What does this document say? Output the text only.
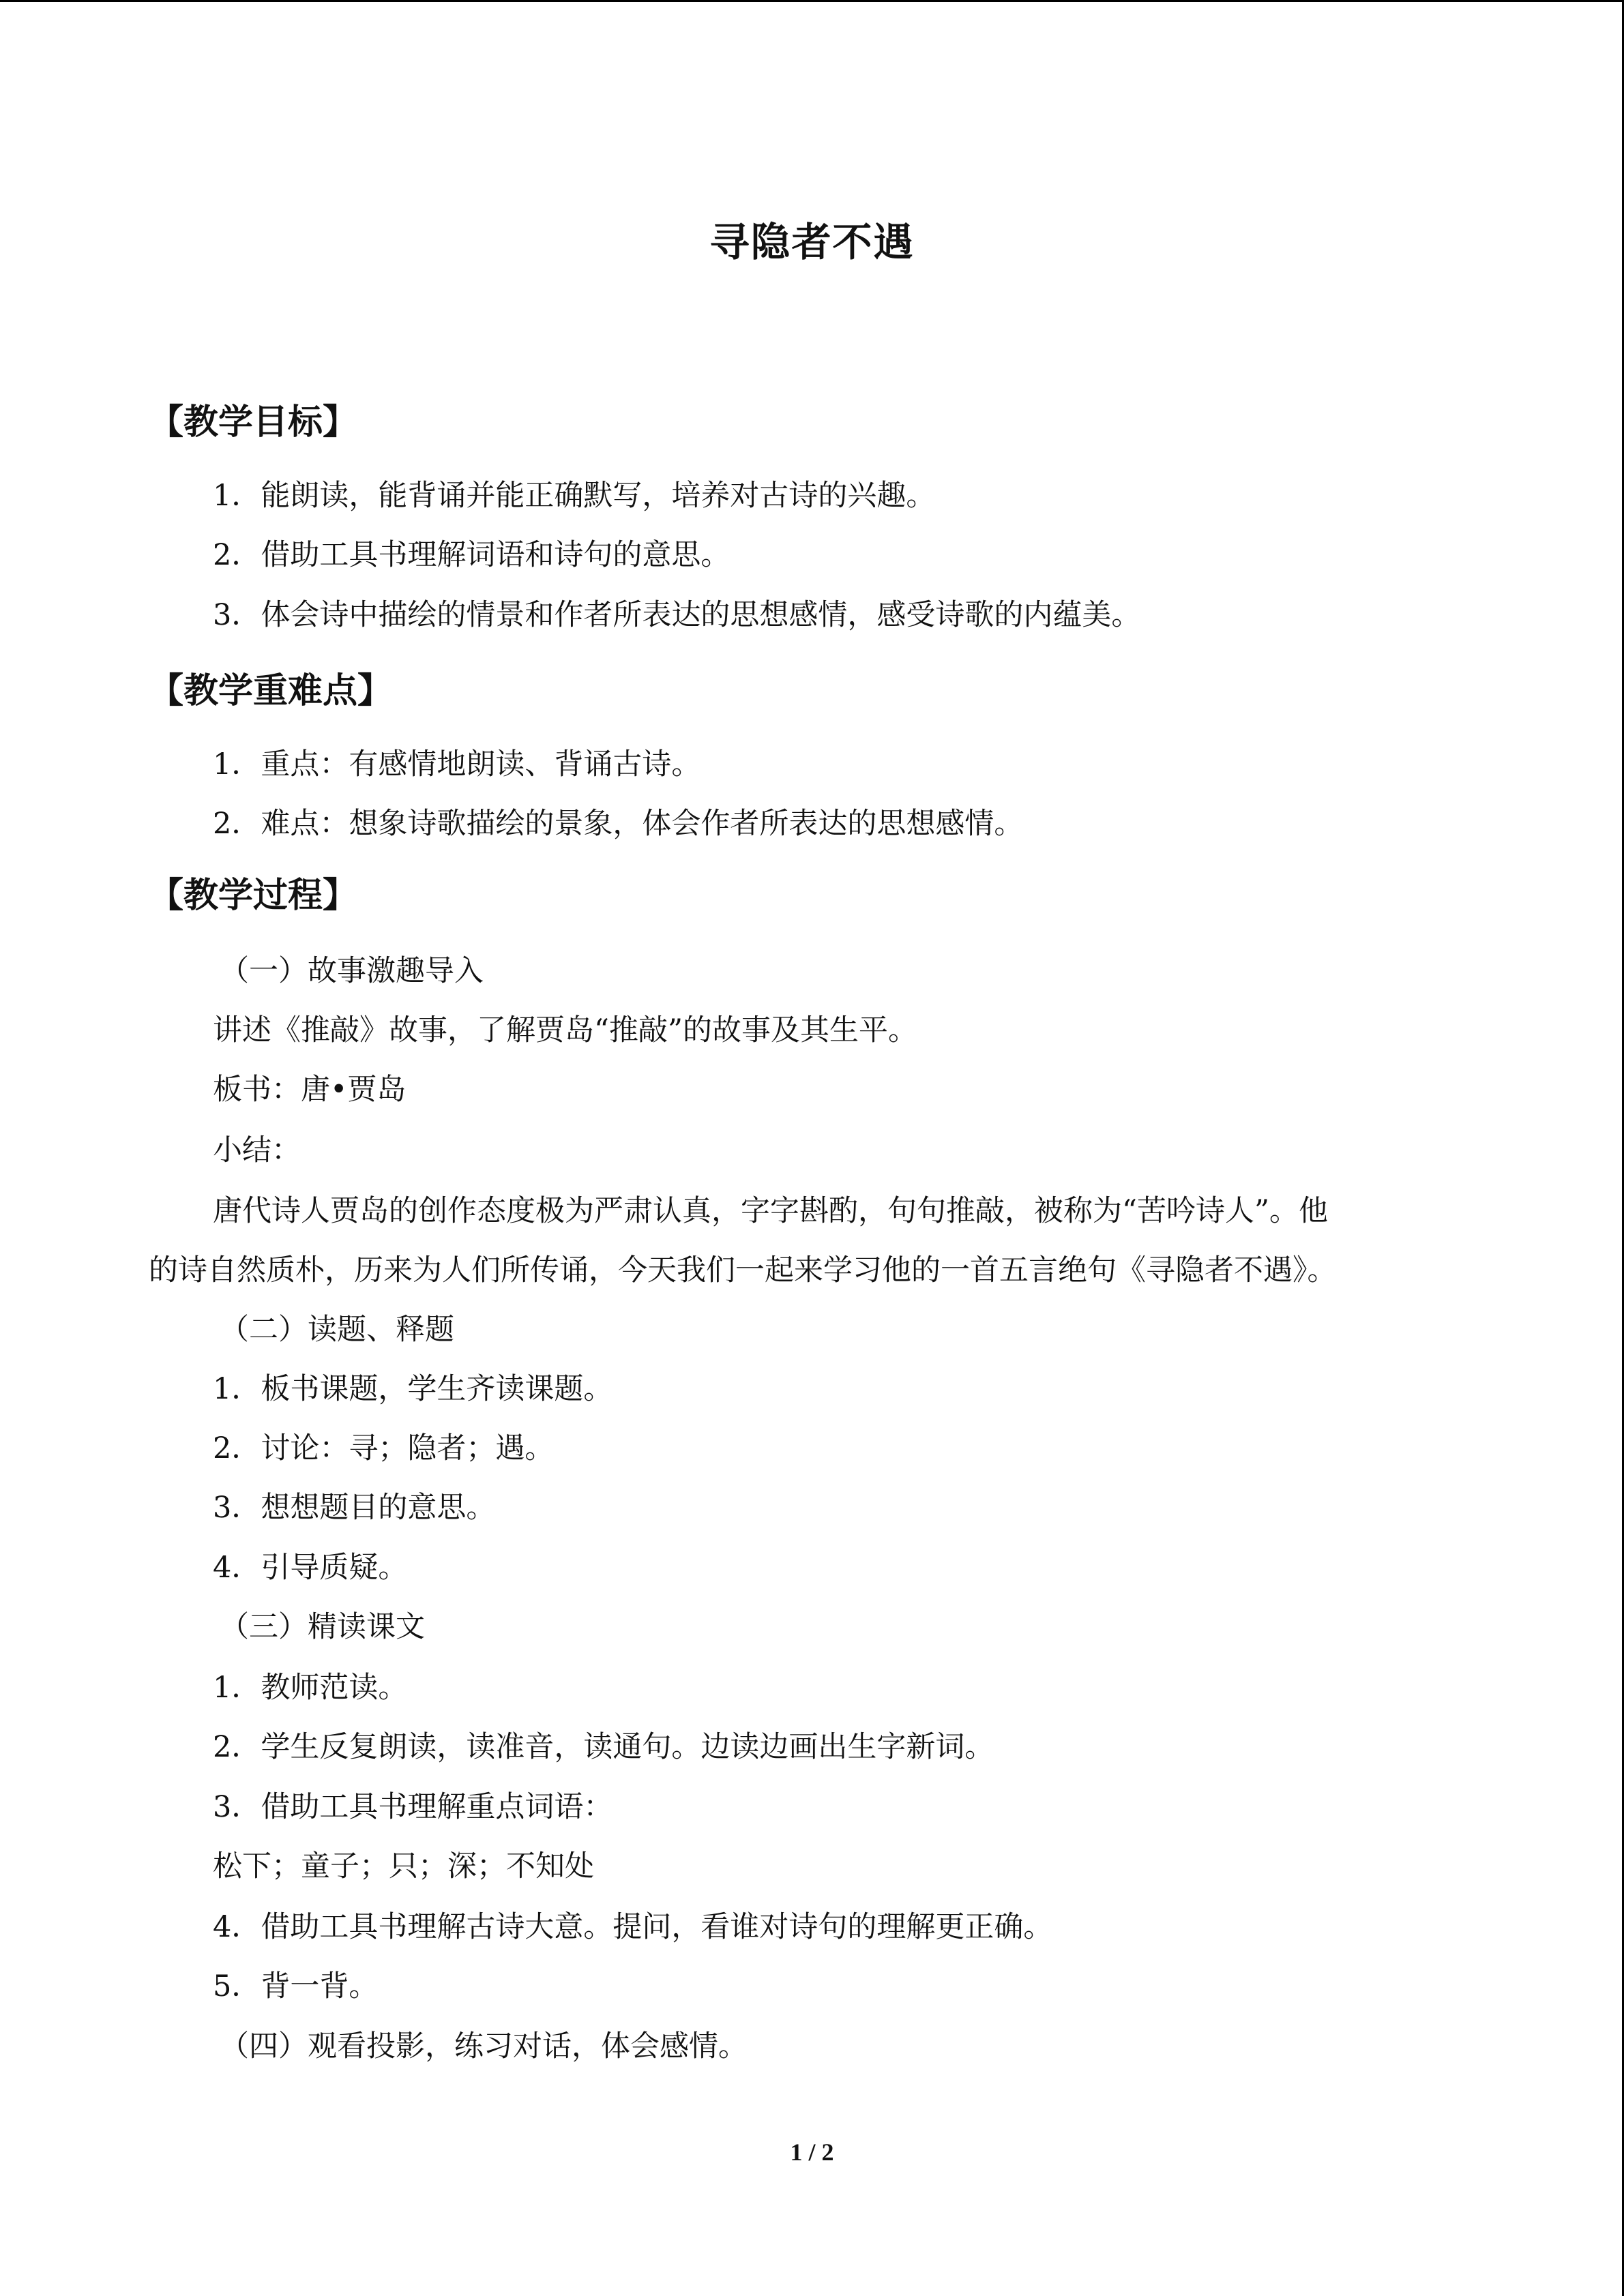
寻隐者不遇
【教学目标】
1．能朗读，能背诵并能正确默写，培养对古诗的兴趣。
2．借助工具书理解词语和诗句的意思。
3．体会诗中描绘的情景和作者所表达的思想感情，感受诗歌的内蕴美。
【教学重难点】
1．重点：有感情地朗读、背诵古诗。
2．难点：想象诗歌描绘的景象，体会作者所表达的思想感情。
【教学过程】
（一）故事激趣导入
讲述《推敲》故事，了解贾岛“推敲”的故事及其生平。
板书：唐•贾岛
小结：
唐代诗人贾岛的创作态度极为严肃认真，字字斟酌，句句推敲，被称为“苦吟诗人”。他
的诗自然质朴，历来为人们所传诵，今天我们一起来学习他的一首五言绝句《寻隐者不遇》。
（二）读题、释题
1．板书课题，学生齐读课题。
2．讨论：寻；隐者；遇。
3．想想题目的意思。
4．引导质疑。
（三）精读课文
1．教师范读。
2．学生反复朗读，读准音，读通句。边读边画出生字新词。
3．借助工具书理解重点词语：
松下；童子；只；深；不知处
4．借助工具书理解古诗大意。提问，看谁对诗句的理解更正确。
5．背一背。
（四）观看投影，练习对话，体会感情。
1 / 2
